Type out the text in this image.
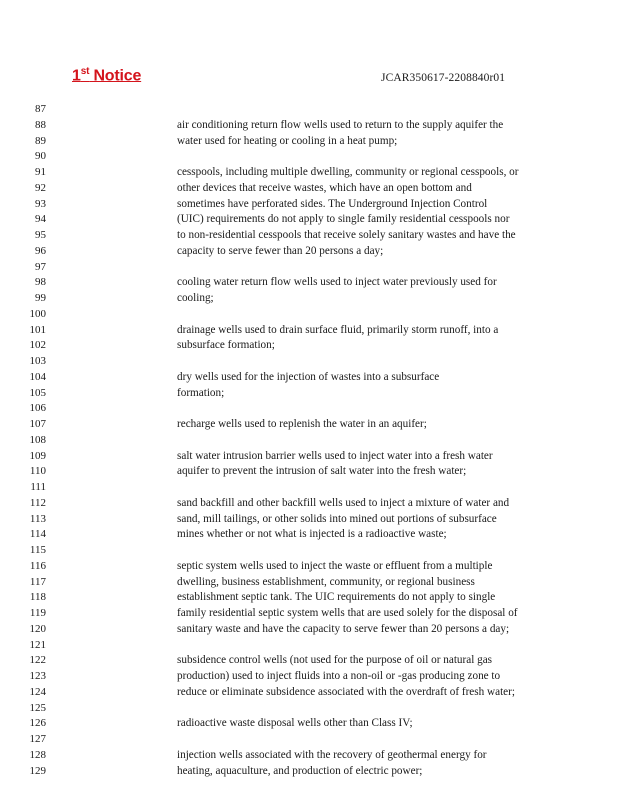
1st Notice	JCAR350617-2208840r01
87
88	air conditioning return flow wells used to return to the supply aquifer the
89	water used for heating or cooling in a heat pump;
90
91	cesspools, including multiple dwelling, community or regional cesspools, or
92	other devices that receive wastes, which have an open bottom and
93	sometimes have perforated sides. The Underground Injection Control
94	(UIC) requirements do not apply to single family residential cesspools nor
95	to non-residential cesspools that receive solely sanitary wastes and have the
96	capacity to serve fewer than 20 persons a day;
97
98	cooling water return flow wells used to inject water previously used for
99	cooling;
100
101	drainage wells used to drain surface fluid, primarily storm runoff, into a
102	subsurface formation;
103
104	dry wells used for the injection of wastes into a subsurface
105	formation;
106
107	recharge wells used to replenish the water in an aquifer;
108
109	salt water intrusion barrier wells used to inject water into a fresh water
110	aquifer to prevent the intrusion of salt water into the fresh water;
111
112	sand backfill and other backfill wells used to inject a mixture of water and
113	sand, mill tailings, or other solids into mined out portions of subsurface
114	mines whether or not what is injected is a radioactive waste;
115
116	septic system wells used to inject the waste or effluent from a multiple
117	dwelling, business establishment, community, or regional business
118	establishment septic tank. The UIC requirements do not apply to single
119	family residential septic system wells that are used solely for the disposal of
120	sanitary waste and have the capacity to serve fewer than 20 persons a day;
121
122	subsidence control wells (not used for the purpose of oil or natural gas
123	production) used to inject fluids into a non-oil or -gas producing zone to
124	reduce or eliminate subsidence associated with the overdraft of fresh water;
125
126	radioactive waste disposal wells other than Class IV;
127
128	injection wells associated with the recovery of geothermal energy for
129	heating, aquaculture, and production of electric power;
